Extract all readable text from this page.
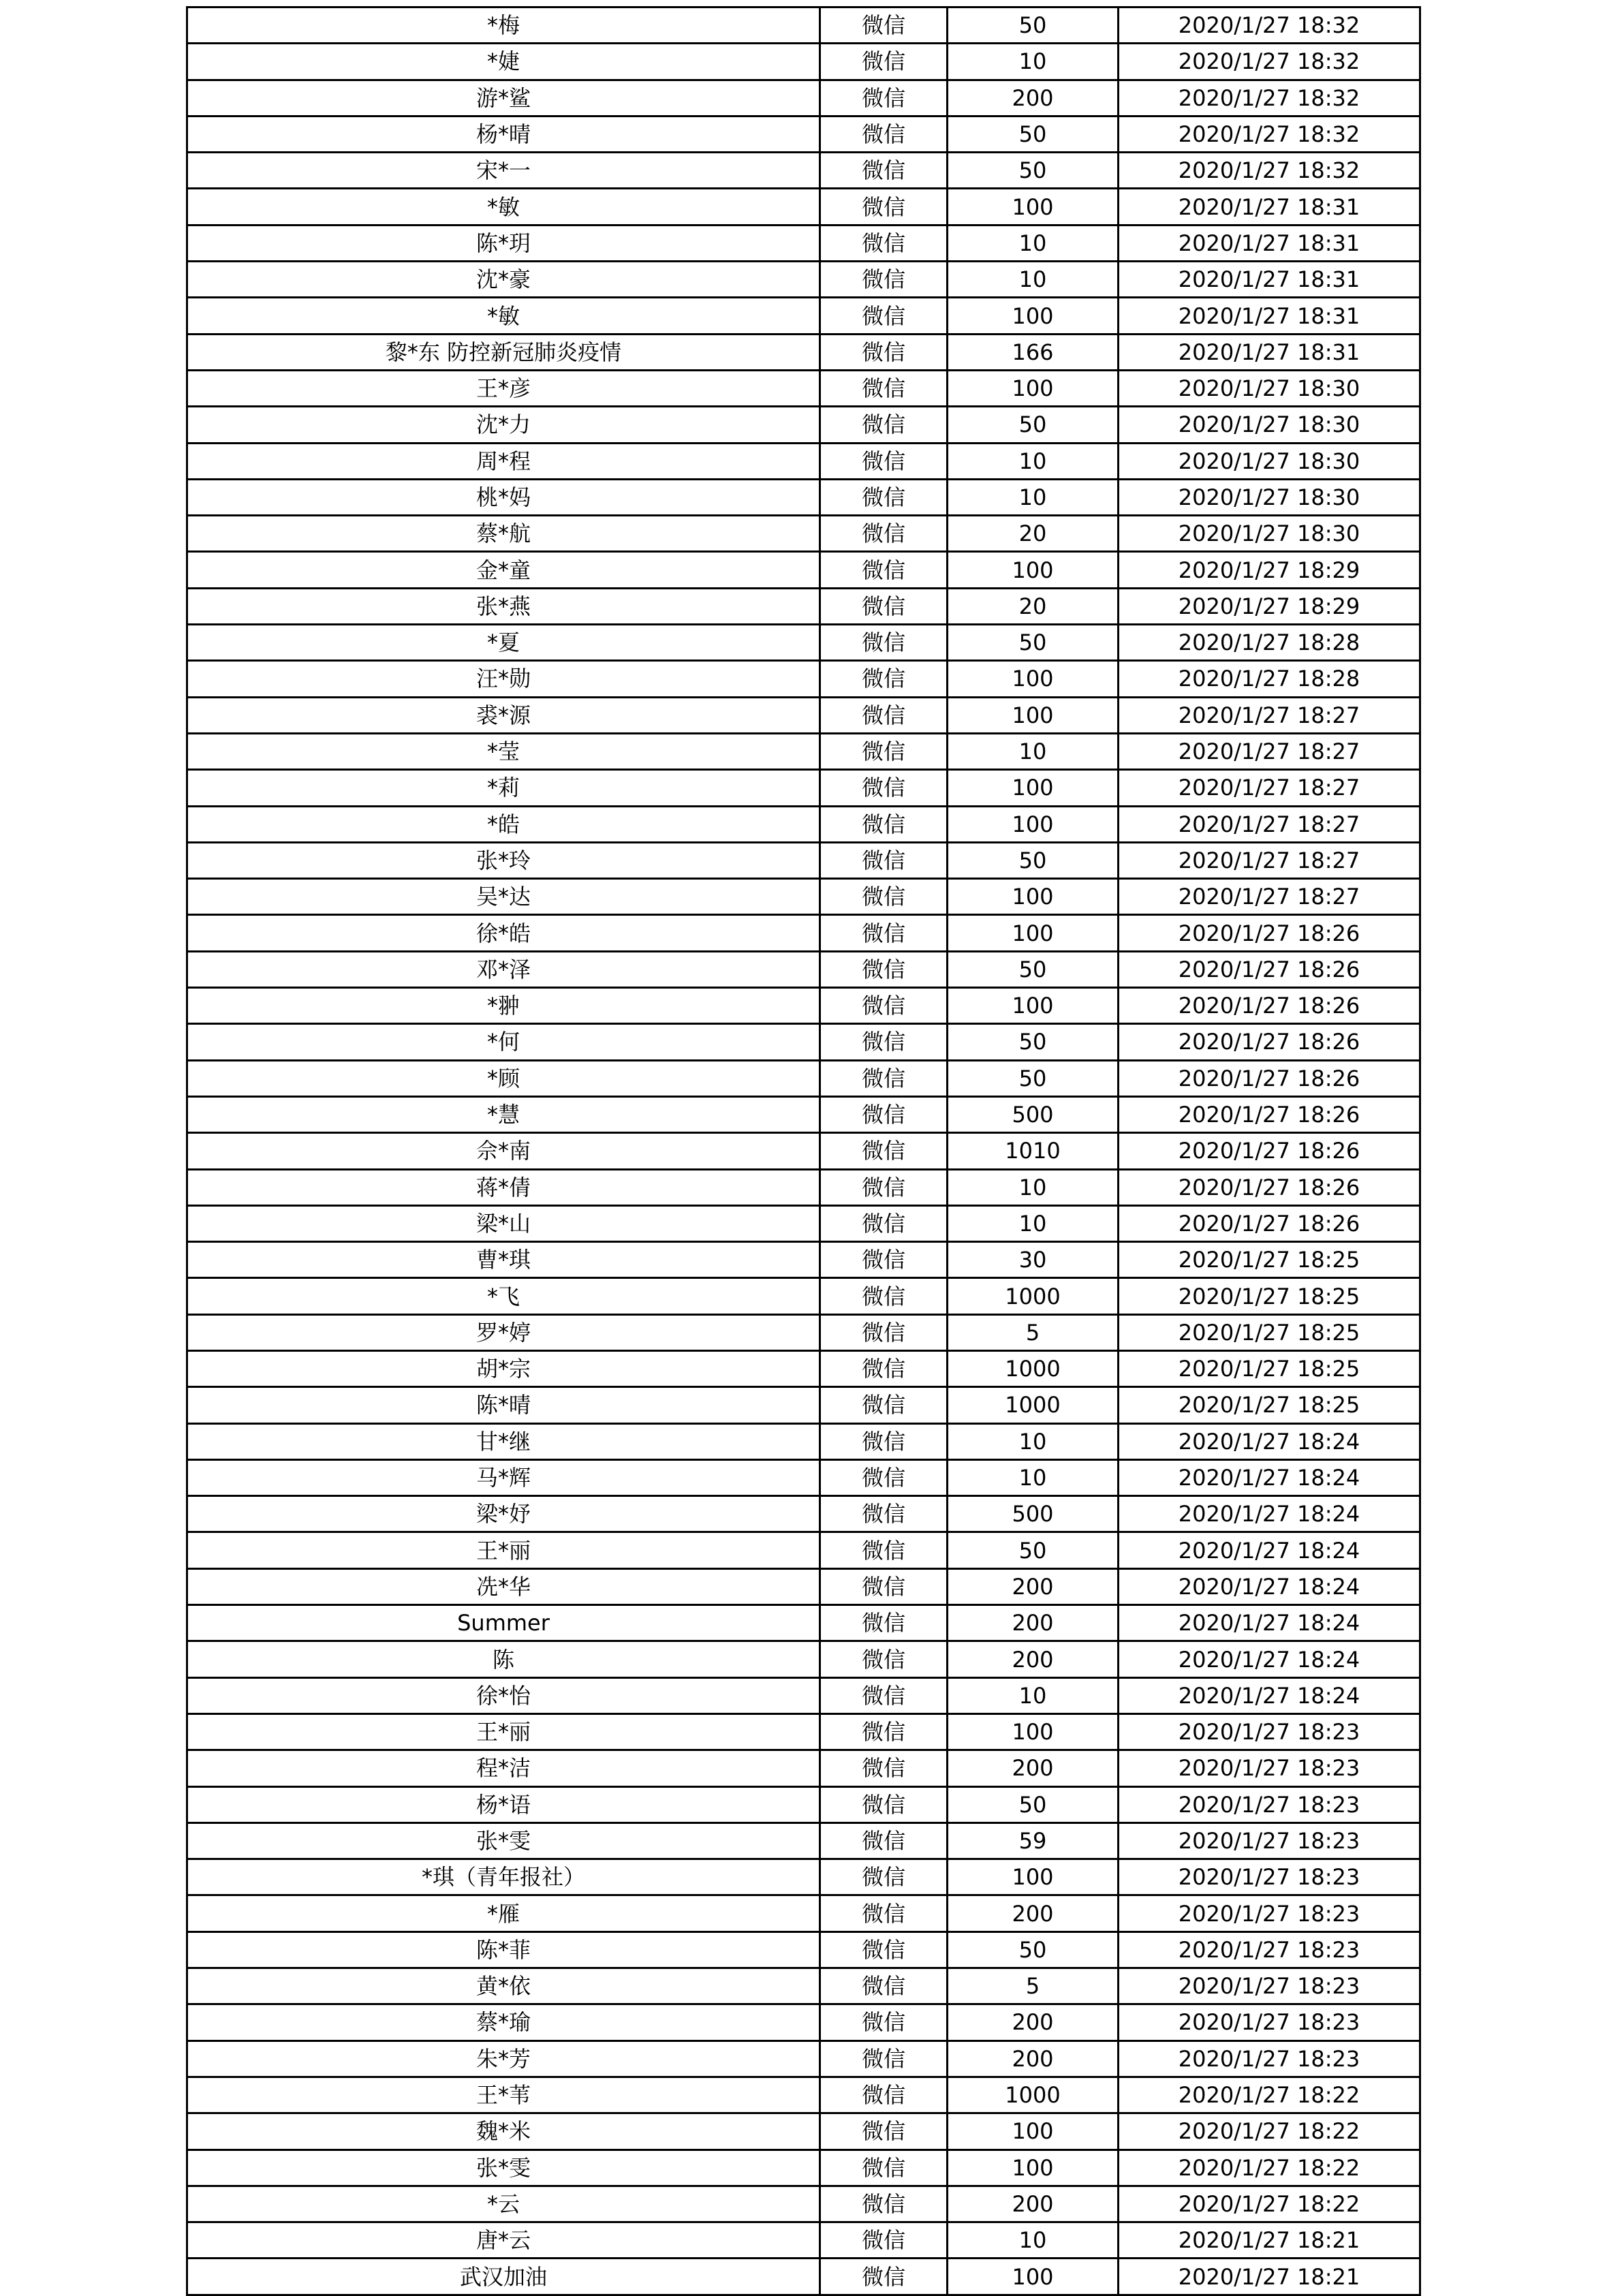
*梅	微信	50	2020/1/27 18:32
*婕	微信	10	2020/1/27 18:32
游*鲨	微信	200	2020/1/27 18:32
杨*晴	微信	50	2020/1/27 18:32
宋*一	微信	50	2020/1/27 18:32
*敏	微信	100	2020/1/27 18:31
陈*玥	微信	10	2020/1/27 18:31
沈*豪	微信	10	2020/1/27 18:31
*敏	微信	100	2020/1/27 18:31
黎*东 防控新冠肺炎疫情	微信	166	2020/1/27 18:31
王*彦	微信	100	2020/1/27 18:30
沈*力	微信	50	2020/1/27 18:30
周*程	微信	10	2020/1/27 18:30
桃*妈	微信	10	2020/1/27 18:30
蔡*航	微信	20	2020/1/27 18:30
金*童	微信	100	2020/1/27 18:29
张*燕	微信	20	2020/1/27 18:29
*夏	微信	50	2020/1/27 18:28
汪*勋	微信	100	2020/1/27 18:28
裘*源	微信	100	2020/1/27 18:27
*莹	微信	10	2020/1/27 18:27
*莉	微信	100	2020/1/27 18:27
*皓	微信	100	2020/1/27 18:27
张*玲	微信	50	2020/1/27 18:27
吴*达	微信	100	2020/1/27 18:27
徐*皓	微信	100	2020/1/27 18:26
邓*泽	微信	50	2020/1/27 18:26
*翀	微信	100	2020/1/27 18:26
*何	微信	50	2020/1/27 18:26
*顾	微信	50	2020/1/27 18:26
*慧	微信	500	2020/1/27 18:26
佘*南	微信	1010	2020/1/27 18:26
蒋*倩	微信	10	2020/1/27 18:26
梁*山	微信	10	2020/1/27 18:26
曹*琪	微信	30	2020/1/27 18:25
*飞	微信	1000	2020/1/27 18:25
罗*婷	微信	5	2020/1/27 18:25
胡*宗	微信	1000	2020/1/27 18:25
陈*晴	微信	1000	2020/1/27 18:25
甘*继	微信	10	2020/1/27 18:24
马*辉	微信	10	2020/1/27 18:24
梁*妤	微信	500	2020/1/27 18:24
王*丽	微信	50	2020/1/27 18:24
冼*华	微信	200	2020/1/27 18:24
Summer	微信	200	2020/1/27 18:24
陈	微信	200	2020/1/27 18:24
徐*怡	微信	10	2020/1/27 18:24
王*丽	微信	100	2020/1/27 18:23
程*洁	微信	200	2020/1/27 18:23
杨*语	微信	50	2020/1/27 18:23
张*雯	微信	59	2020/1/27 18:23
*琪（青年报社）	微信	100	2020/1/27 18:23
*雁	微信	200	2020/1/27 18:23
陈*菲	微信	50	2020/1/27 18:23
黄*依	微信	5	2020/1/27 18:23
蔡*瑜	微信	200	2020/1/27 18:23
朱*芳	微信	200	2020/1/27 18:23
王*苇	微信	1000	2020/1/27 18:22
魏*米	微信	100	2020/1/27 18:22
张*雯	微信	100	2020/1/27 18:22
*云	微信	200	2020/1/27 18:22
唐*云	微信	10	2020/1/27 18:21
武汉加油	微信	100	2020/1/27 18:21
